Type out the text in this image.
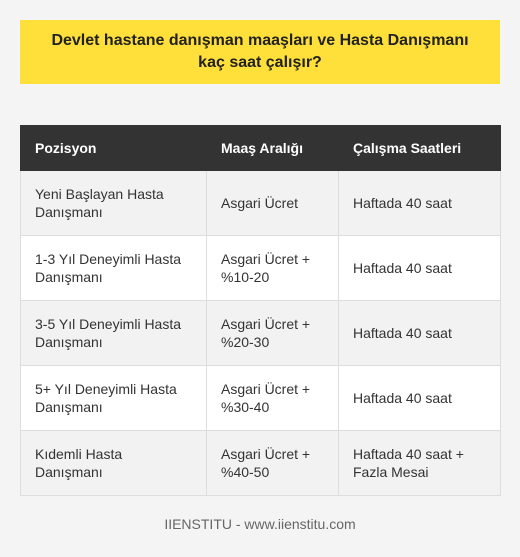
Devlet hastane danışman maaşları ve Hasta Danışmanı kaç saat çalışır?
Pozisyon	Maaş Aralığı	Çalışma Saatleri
Yeni Başlayan Hasta Danışmanı	Asgari Ücret	Haftada 40 saat
1-3 Yıl Deneyimli Hasta Danışmanı	Asgari Ücret + %10-20	Haftada 40 saat
3-5 Yıl Deneyimli Hasta Danışmanı	Asgari Ücret + %20-30	Haftada 40 saat
5+ Yıl Deneyimli Hasta Danışmanı	Asgari Ücret + %30-40	Haftada 40 saat
Kıdemli Hasta Danışmanı	Asgari Ücret + %40-50	Haftada 40 saat + Fazla Mesai
IIENSTITU - www.iienstitu.com
